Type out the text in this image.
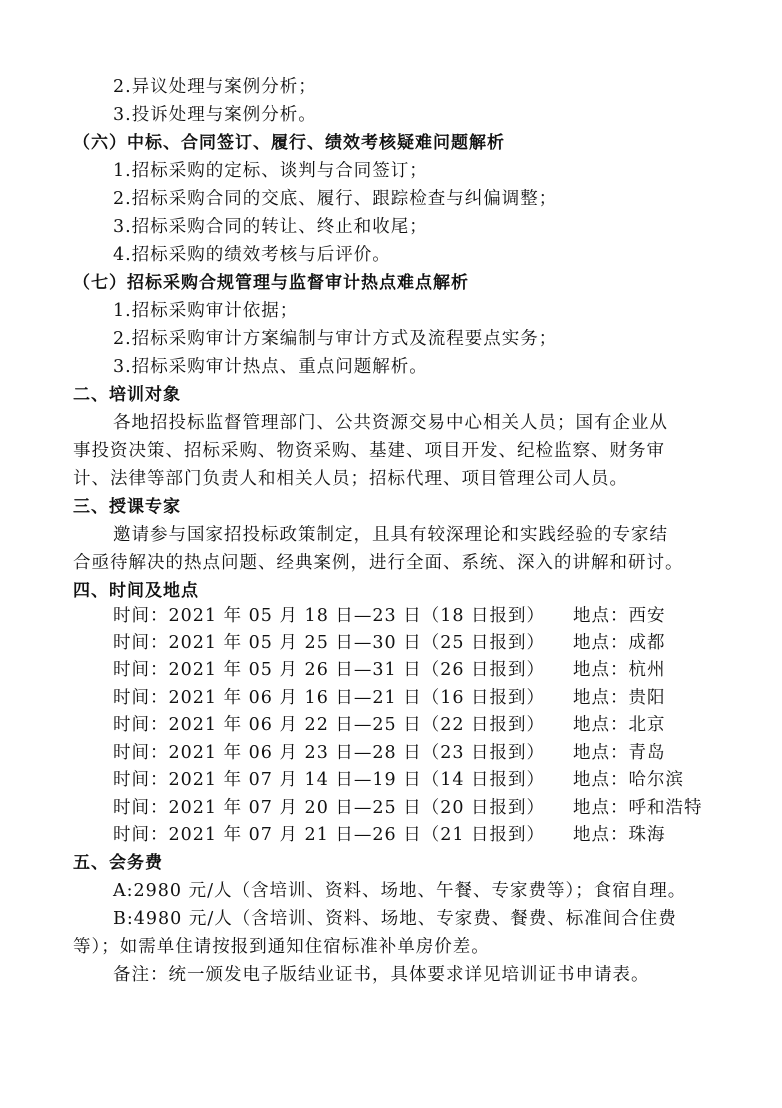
2.异议处理与案例分析；
3.投诉处理与案例分析。
（六）中标、合同签订、履行、绩效考核疑难问题解析
1.招标采购的定标、谈判与合同签订；
2.招标采购合同的交底、履行、跟踪检查与纠偏调整；
3.招标采购合同的转让、终止和收尾；
4.招标采购的绩效考核与后评价。
（七）招标采购合规管理与监督审计热点难点解析
1.招标采购审计依据；
2.招标采购审计方案编制与审计方式及流程要点实务；
3.招标采购审计热点、重点问题解析。
二、培训对象
各地招投标监督管理部门、公共资源交易中心相关人员；国有企业从
事投资决策、招标采购、物资采购、基建、项目开发、纪检监察、财务审
计、法律等部门负责人和相关人员；招标代理、项目管理公司人员。
三、授课专家
邀请参与国家招投标政策制定，且具有较深理论和实践经验的专家结
合亟待解决的热点问题、经典案例，进行全面、系统、深入的讲解和研讨。
四、时间及地点
时间：2021 年 05 月 18 日—23 日（18 日报到） 地点：西安
时间：2021 年 05 月 25 日—30 日（25 日报到） 地点：成都
时间：2021 年 05 月 26 日—31 日（26 日报到） 地点：杭州
时间：2021 年 06 月 16 日—21 日（16 日报到） 地点：贵阳
时间：2021 年 06 月 22 日—25 日（22 日报到） 地点：北京
时间：2021 年 06 月 23 日—28 日（23 日报到） 地点：青岛
时间：2021 年 07 月 14 日—19 日（14 日报到） 地点：哈尔滨
时间：2021 年 07 月 20 日—25 日（20 日报到） 地点：呼和浩特
时间：2021 年 07 月 21 日—26 日（21 日报到） 地点：珠海
五、会务费
A:2980 元/人（含培训、资料、场地、午餐、专家费等）；食宿自理。
B:4980 元/人（含培训、资料、场地、专家费、餐费、标准间合住费
等）；如需单住请按报到通知住宿标准补单房价差。
备注：统一颁发电子版结业证书，具体要求详见培训证书申请表。
